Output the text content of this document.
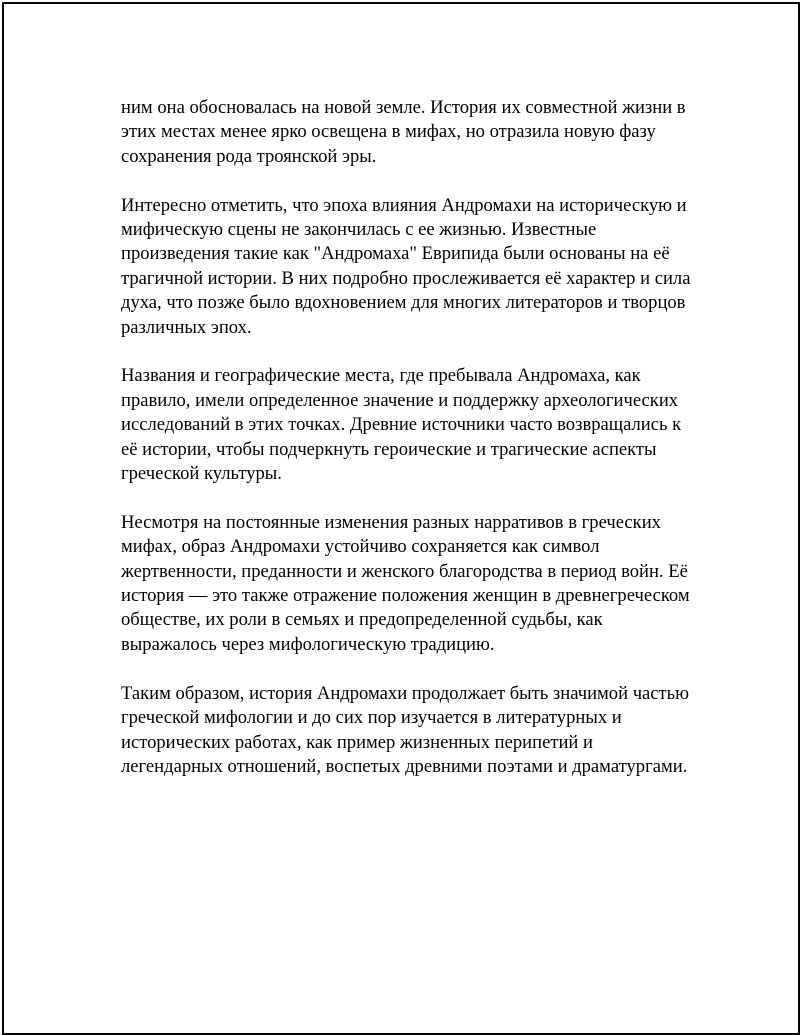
ним она обосновалась на новой земле. История их совместной жизни в
этих местах менее ярко освещена в мифах, но отразила новую фазу
сохранения рода троянской эры.

Интересно отметить, что эпоха влияния Андромахи на историческую и
мифическую сцены не закончилась с ее жизнью. Известные
произведения такие как "Андромаха" Еврипида были основаны на её
трагичной истории. В них подробно прослеживается её характер и сила
духа, что позже было вдохновением для многих литераторов и творцов
различных эпох.

Названия и географические места, где пребывала Андромаха, как
правило, имели определенное значение и поддержку археологических
исследований в этих точках. Древние источники часто возвращались к
её истории, чтобы подчеркнуть героические и трагические аспекты
греческой культуры.

Несмотря на постоянные изменения разных нарративов в греческих
мифах, образ Андромахи устойчиво сохраняется как символ
жертвенности, преданности и женского благородства в период войн. Её
история — это также отражение положения женщин в древнегреческом
обществе, их роли в семьях и предопределенной судьбы, как
выражалось через мифологическую традицию.

Таким образом, история Андромахи продолжает быть значимой частью
греческой мифологии и до сих пор изучается в литературных и
исторических работах, как пример жизненных перипетий и
легендарных отношений, воспетых древними поэтами и драматургами.
